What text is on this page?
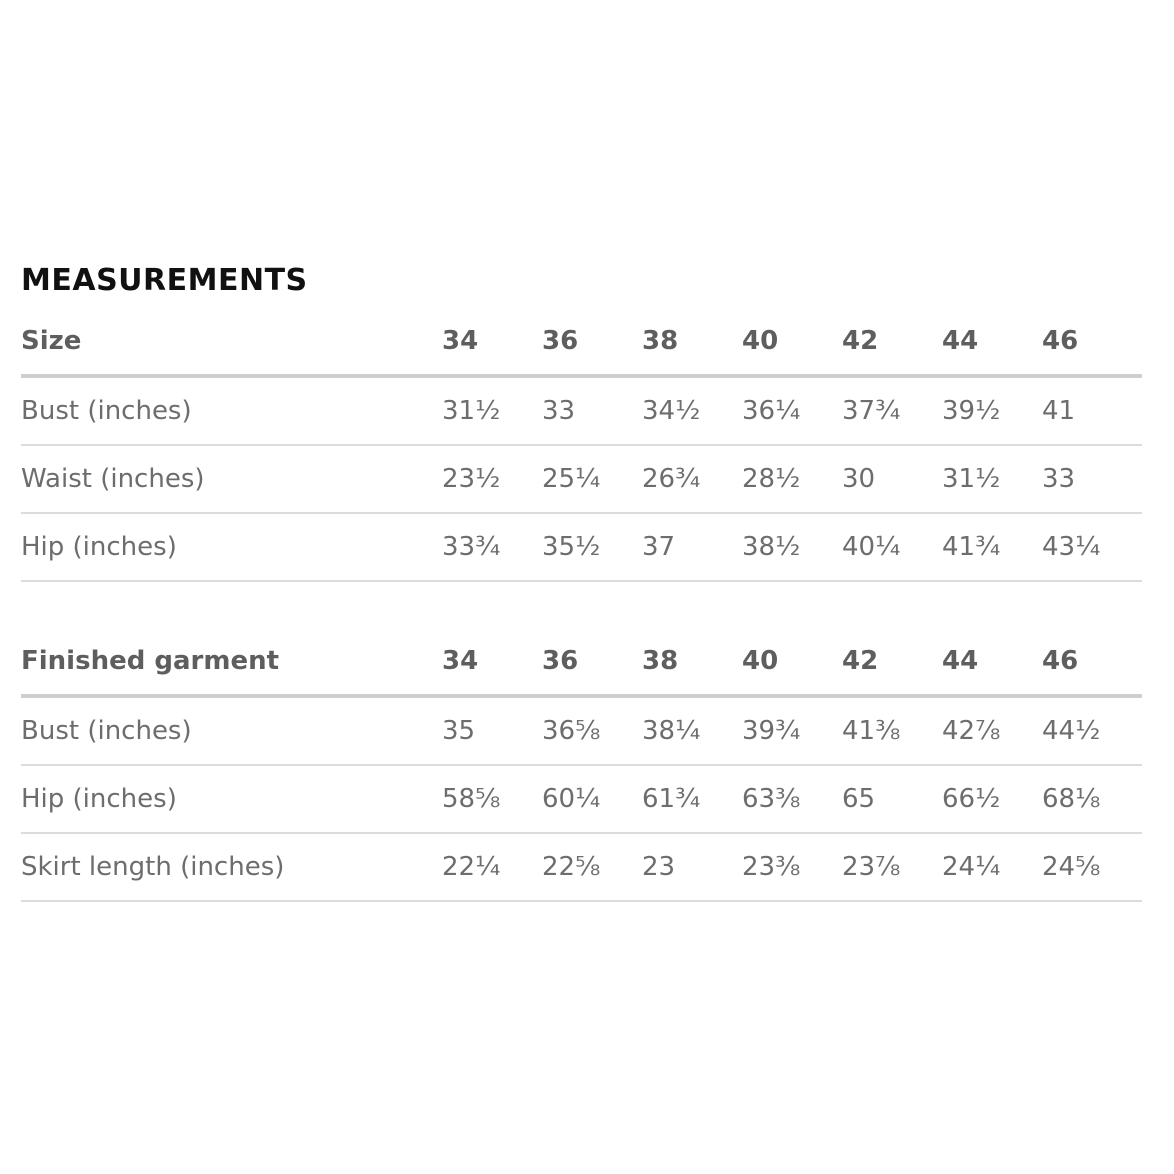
MEASUREMENTS
Size	34 36 38 40 42 44 46
Bust (inches)	31½ 33	34½ 36¼ 37¾ 39½ 41
Waist (inches)	23½ 25¼ 26¾ 28½ 30	31½ 33
Hip (inches)	33¾ 35½ 37	38½ 40¼ 41¾ 43¼
Finished garment	34 36 38 40 42 44 46
Bust (inches)	35	36⅝ 38¼ 39¾ 41⅜ 42⅞ 44½
Hip (inches)	58⅝ 60¼ 61¾ 63⅜ 65	66½ 68⅛
Skirt length (inches)	22¼ 22⅝ 23	23⅜ 23⅞ 24¼ 24⅝
